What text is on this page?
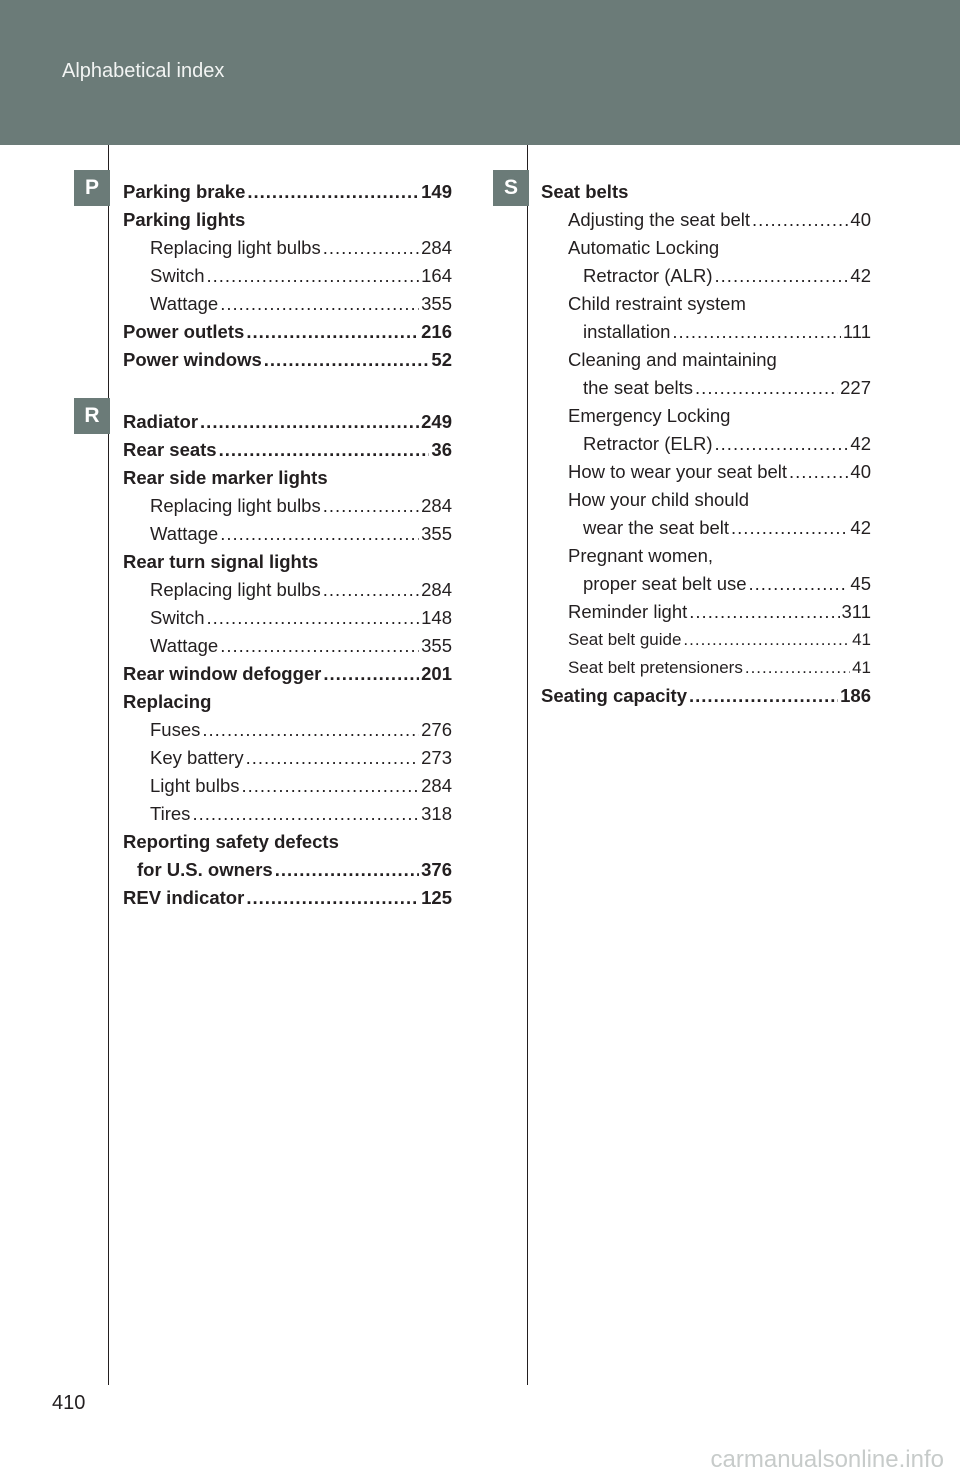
Alphabetical index
P
R
S
Parking brake .....	149
Parking lights
Replacing light bulbs .....	284
Switch .....	164
Wattage .....	355
Power outlets .....	216
Power windows .....	52
Radiator .....	249
Rear seats .....	36
Rear side marker lights
Replacing light bulbs .....	284
Wattage .....	355
Rear turn signal lights
Replacing light bulbs .....	284
Switch .....	148
Wattage .....	355
Rear window defogger .....	201
Replacing
Fuses .....	276
Key battery .....	273
Light bulbs .....	284
Tires .....	318
Reporting safety defects
for U.S. owners .....	376
REV indicator .....	125
Seat belts
Adjusting the seat belt .....	40
Automatic Locking
Retractor (ALR) .....	42
Child restraint system
installation .....	111
Cleaning and maintaining
the seat belts .....	227
Emergency Locking
Retractor (ELR) .....	42
How to wear your seat belt .....	40
How your child should
wear the seat belt .....	42
Pregnant women,
proper seat belt use .....	45
Reminder light .....	311
Seat belt guide .....	41
Seat belt pretensioners .....	41
Seating capacity .....	186
410
carmanualsonline.info
